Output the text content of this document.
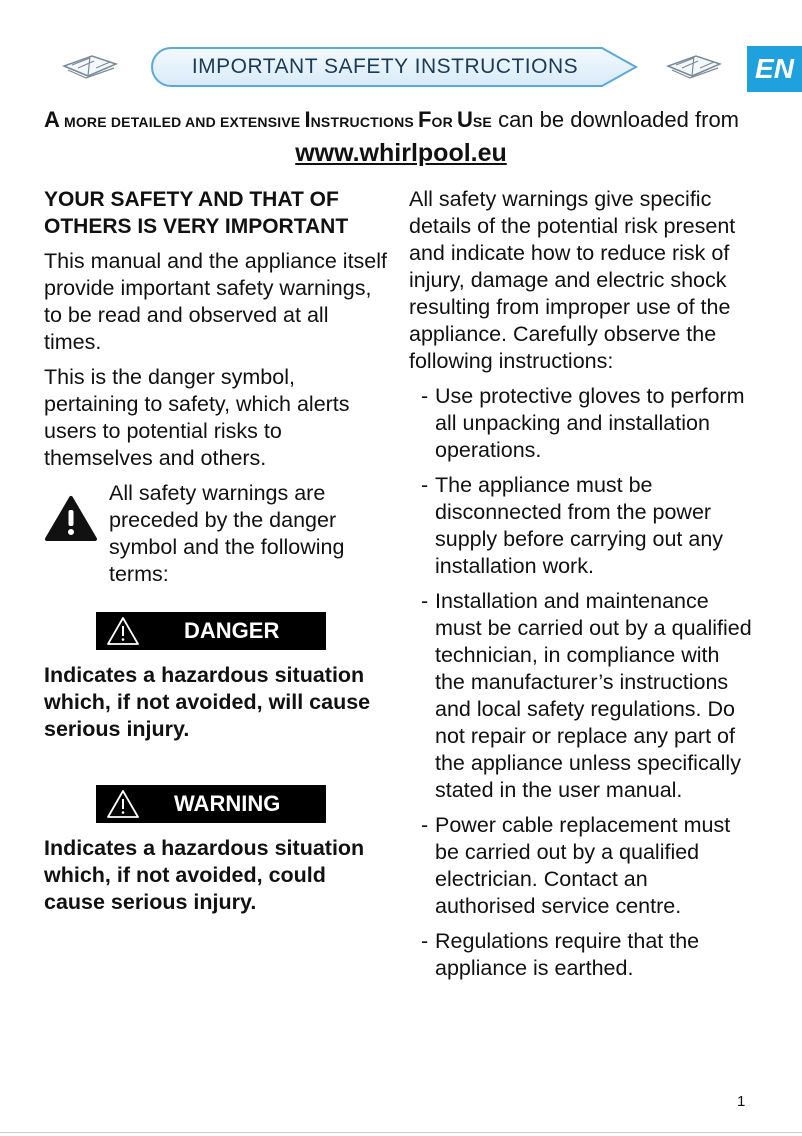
IMPORTANT SAFETY INSTRUCTIONS	EN
A MORE DETAILED AND EXTENSIVE INSTRUCTIONS FOR USE can be downloaded from
www.whirlpool.eu
YOUR SAFETY AND THAT OF OTHERS IS VERY IMPORTANT

This manual and the appliance itself provide important safety warnings, to be read and observed at all times.

This is the danger symbol, pertaining to safety, which alerts users to potential risks to themselves and others.

All safety warnings are preceded by the danger symbol and the following terms:
DANGER

Indicates a hazardous situation which, if not avoided, will cause serious injury.

WARNING

Indicates a hazardous situation which, if not avoided, could cause serious injury.

All safety warnings give specific details of the potential risk present and indicate how to reduce risk of injury, damage and electric shock resulting from improper use of the appliance. Carefully observe the following instructions:

- Use protective gloves to perform all unpacking and installation operations.
- The appliance must be disconnected from the power supply before carrying out any installation work.
- Installation and maintenance must be carried out by a qualified technician, in compliance with the manufacturer’s instructions and local safety regulations. Do not repair or replace any part of the appliance unless specifically stated in the user manual.
- Power cable replacement must be carried out by a qualified electrician. Contact an authorised service centre.
- Regulations require that the appliance is earthed.
1
